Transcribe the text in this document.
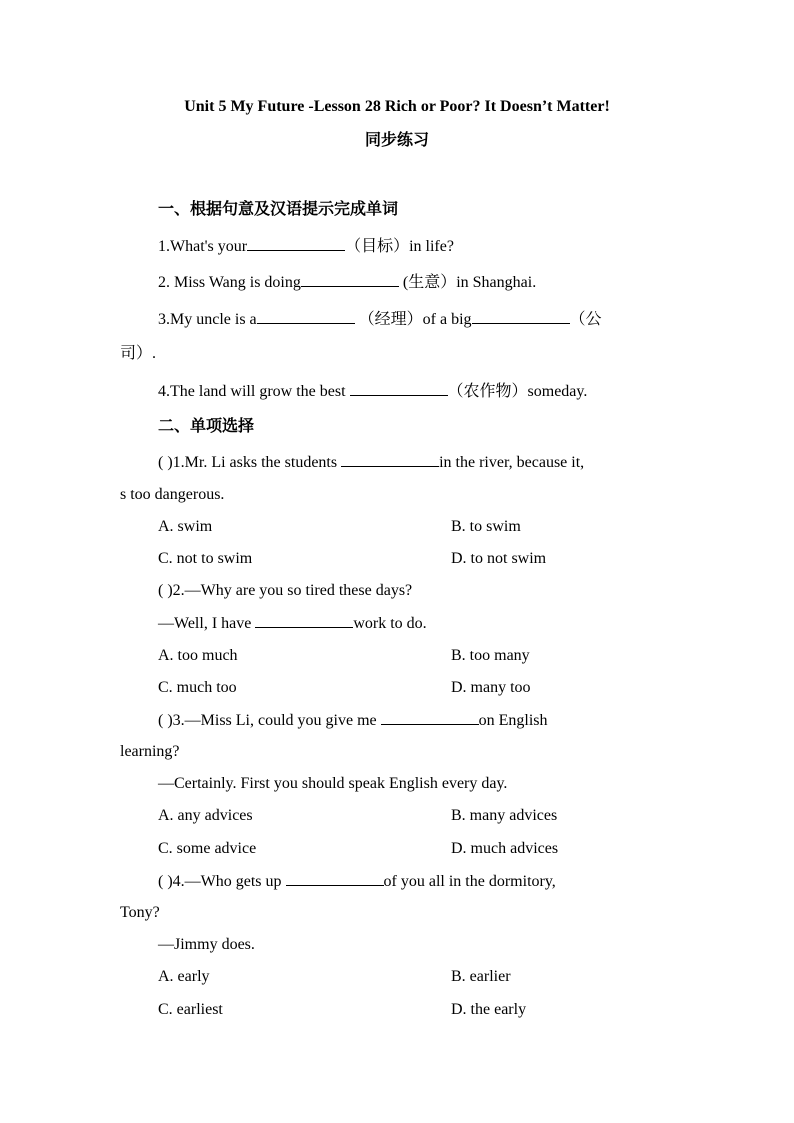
Unit 5 My Future -Lesson 28 Rich or Poor? It Doesn’t Matter!
同步练习
一、根据句意及汉语提示完成单词
1.What's your	（目标）in life?
2. Miss Wang is doing	(生意）in Shanghai.
3.My uncle is a	（经理）of a big	（公
司）.
4.The land will grow the best	（农作物）someday.
二、单项选择
( )1.Mr. Li asks the students	in the river, because it,
s too dangerous.
A. swim	B. to swim
C. not to swim	D. to not swim
( )2.—Why are you so tired these days?
—Well, I have	work to do.
A. too much	B. too many
C. much too	D. many too
( )3.—Miss Li, could you give me	on English
learning?
—Certainly. First you should speak English every day.
A. any advices	B. many advices
C. some advice	D. much advices
( )4.—Who gets up	of you all in the dormitory,
Tony?
—Jimmy does.
A. early	B. earlier
C. earliest	D. the early
